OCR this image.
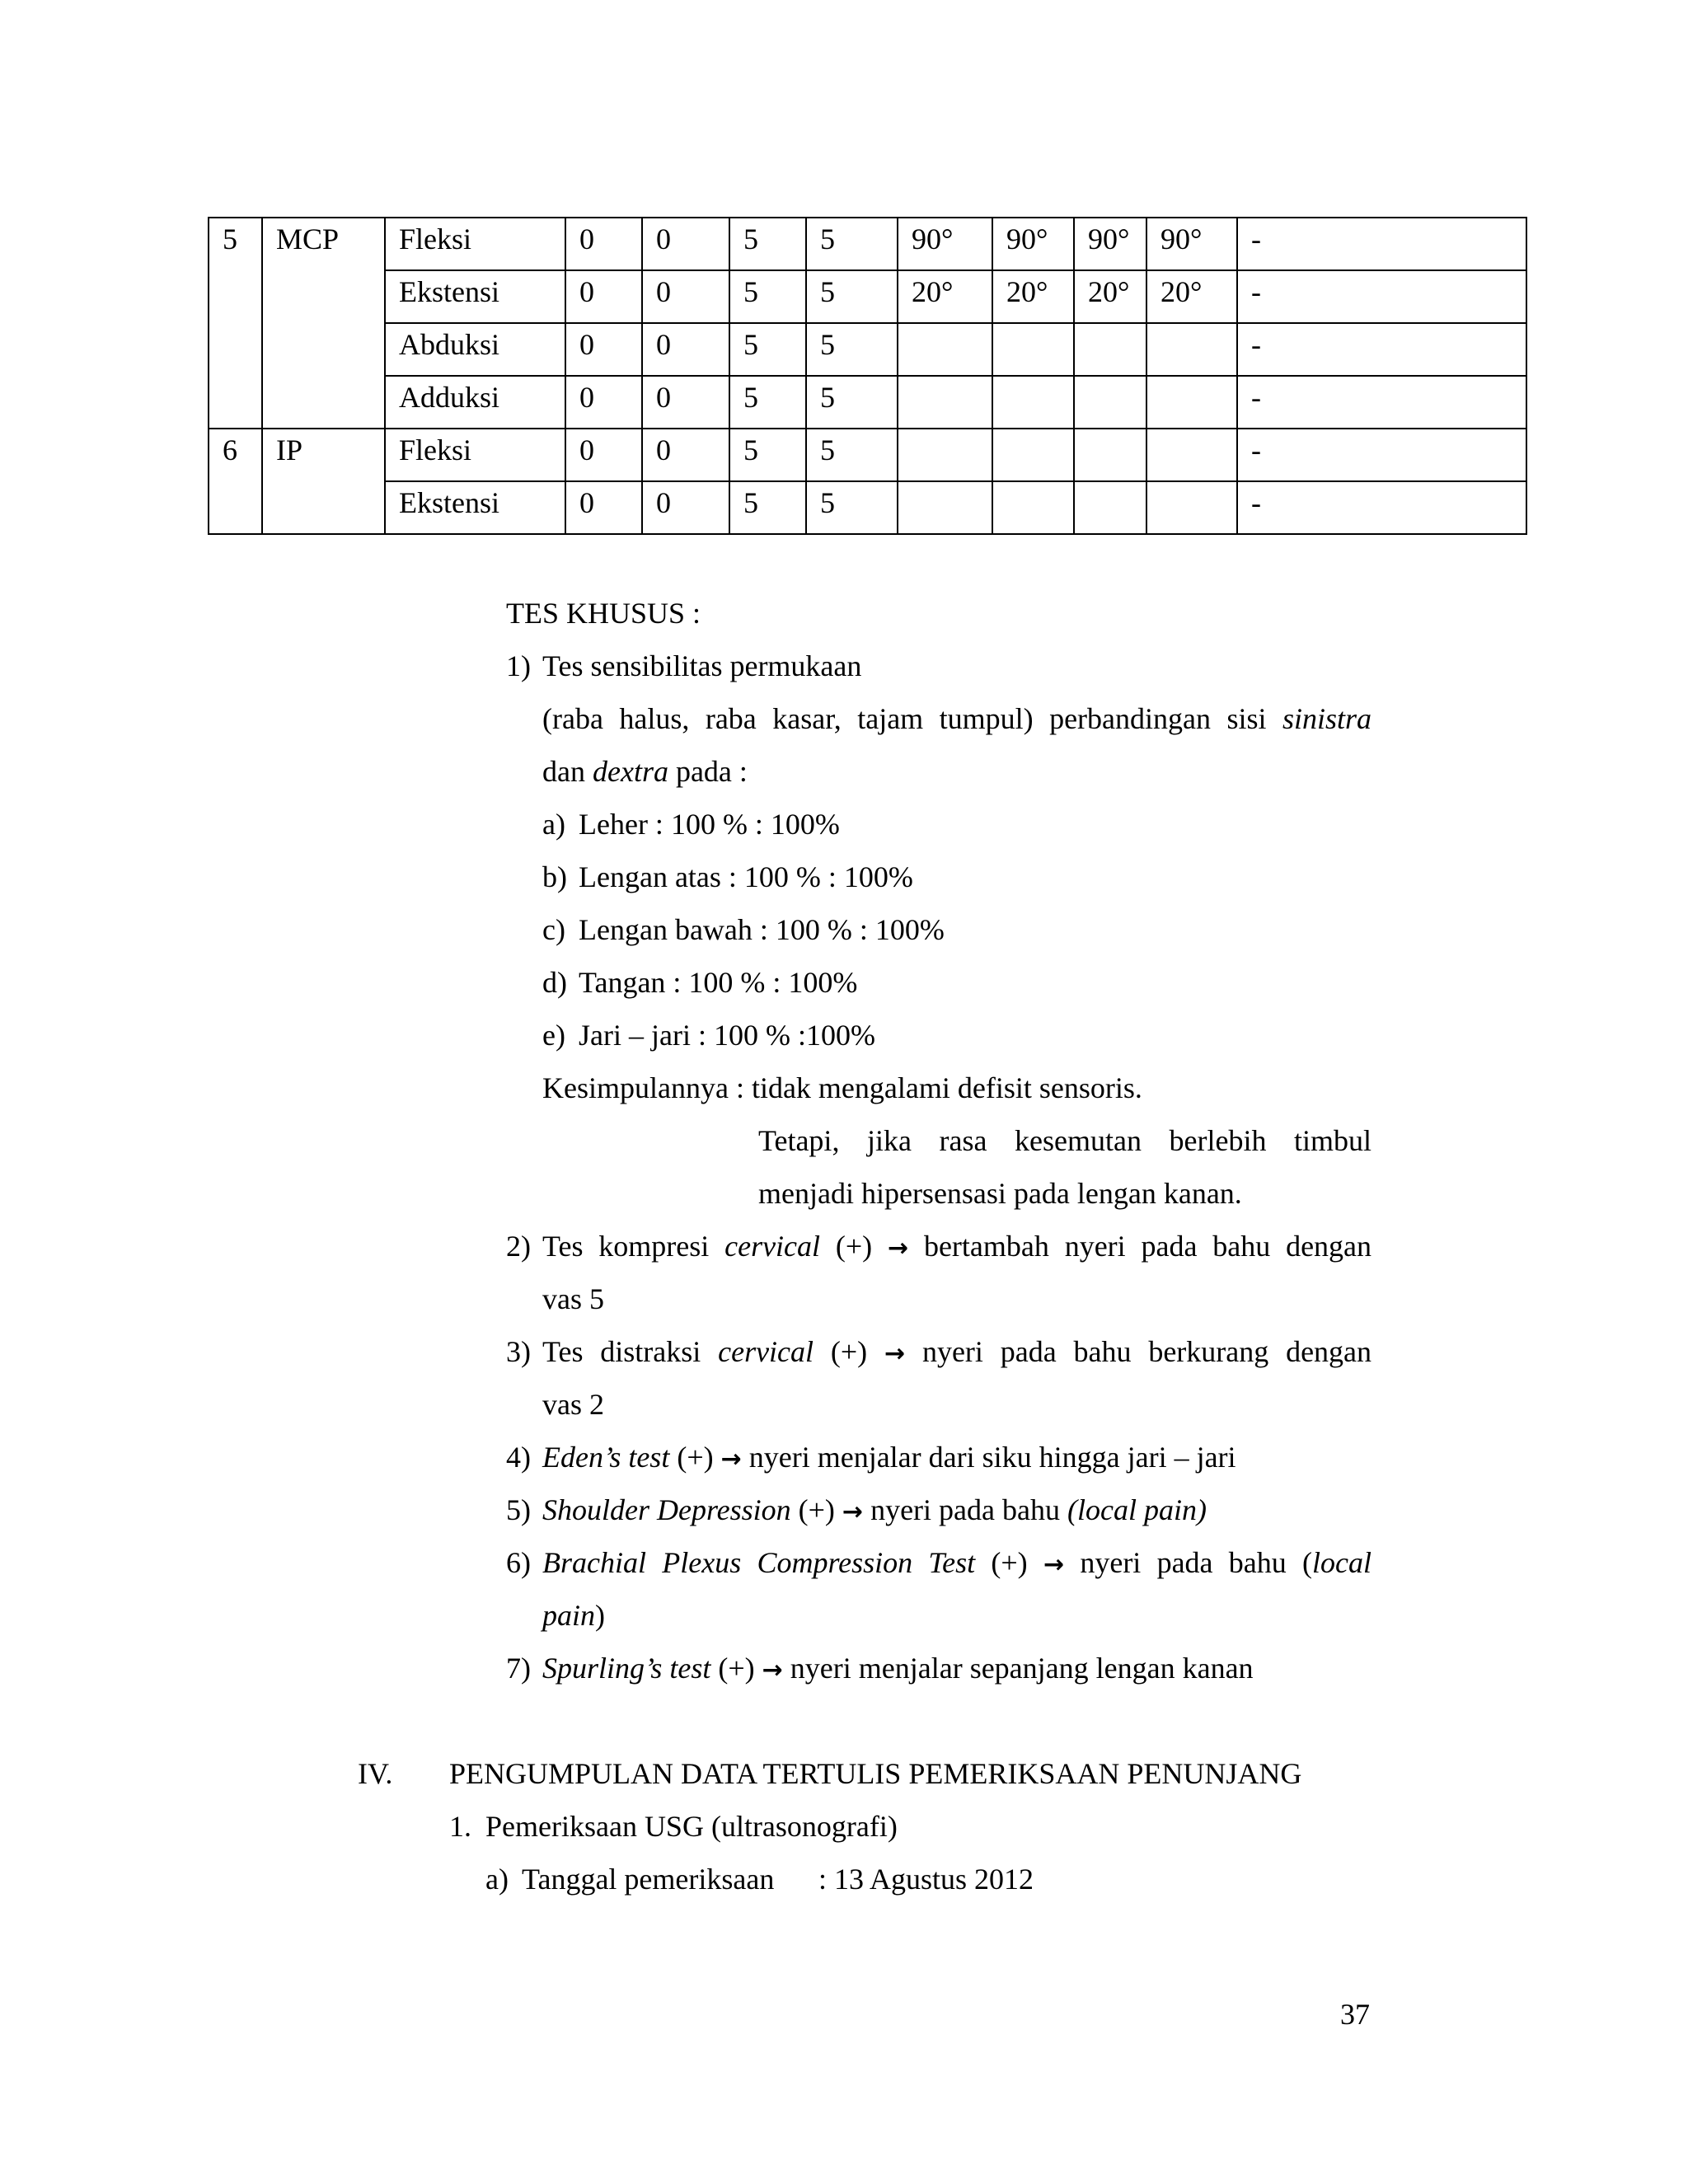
5	MCP	Fleksi	0	0	5	5	90°	90°	90°	90°	-
		Ekstensi	0	0	5	5	20°	20°	20°	20°	-
		Abduksi	0	0	5	5					-
		Adduksi	0	0	5	5					-
6	IP	Fleksi	0	0	5	5					-
		Ekstensi	0	0	5	5					-
TES KHUSUS :
1) Tes sensibilitas permukaan
(raba halus, raba kasar, tajam tumpul) perbandingan sisi sinistra
dan dextra pada :
a) Leher : 100 % : 100%
b) Lengan atas : 100 % : 100%
c) Lengan bawah : 100 % : 100%
d) Tangan : 100 % : 100%
e) Jari – jari : 100 % :100%
Kesimpulannya : tidak mengalami defisit sensoris.
Tetapi, jika rasa kesemutan berlebih timbul
menjadi hipersensasi pada lengan kanan.
2) Tes kompresi cervical (+) → bertambah nyeri pada bahu dengan
vas 5
3) Tes distraksi cervical (+) → nyeri pada bahu berkurang dengan
vas 2
4) Eden’s test (+) → nyeri menjalar dari siku hingga jari – jari
5) Shoulder Depression (+) → nyeri pada bahu (local pain)
6) Brachial Plexus Compression Test (+) → nyeri pada bahu (local
pain)
7) Spurling’s test (+) → nyeri menjalar sepanjang lengan kanan
IV. PENGUMPULAN DATA TERTULIS PEMERIKSAAN PENUNJANG
1. Pemeriksaan USG (ultrasonografi)
a) Tanggal pemeriksaan : 13 Agustus 2012
37
